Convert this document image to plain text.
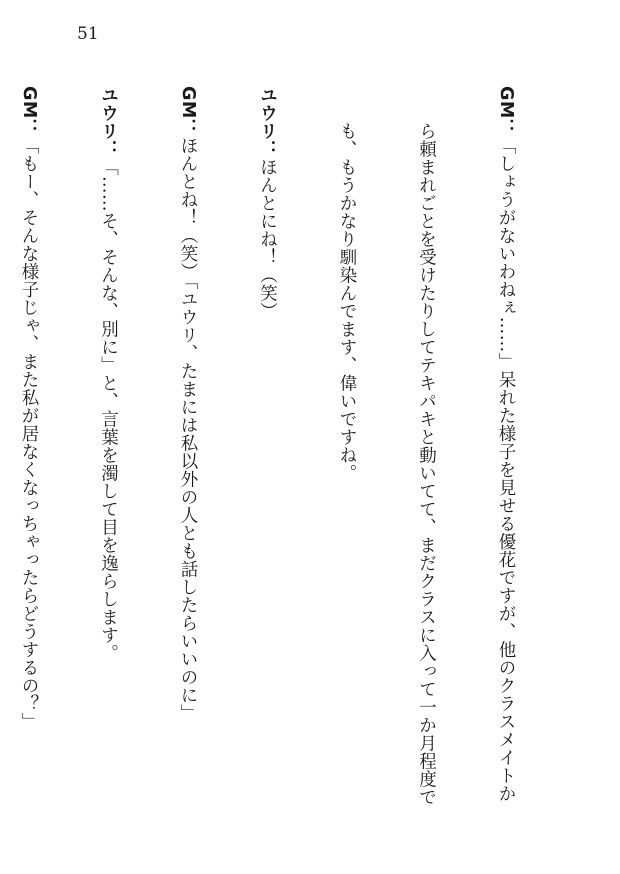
51

GM：「しょうがないわねぇ……」呆れた様子を見せる優花ですが、他のクラスメイトか

　　ら頼まれごとを受けたりしてテキパキと動いてて、まだクラスに入って一か月程度で

　　も、もうかなり馴染んでます、偉いですね。

ユウリ：ほんとにね！（笑）

GM：ほんとね！（笑）「ユウリ、たまには私以外の人とも話したらいいのに」

ユウリ：「……そ、そんな、別に」と、言葉を濁して目を逸らします。

GM：「もー、そんな様子じゃ、また私が居なくなっちゃったらどうするの？」
